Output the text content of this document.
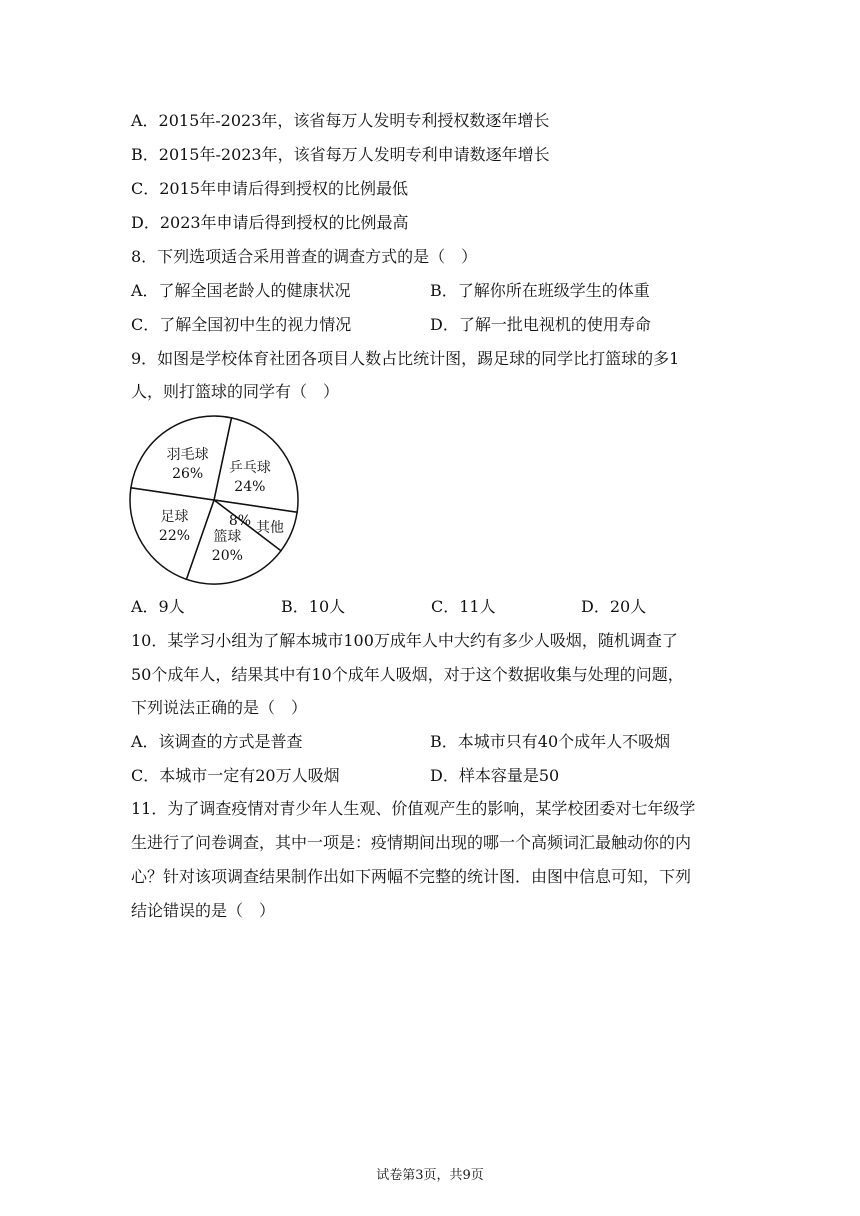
A．2015年-2023年，该省每万人发明专利授权数逐年增长
B．2015年-2023年，该省每万人发明专利申请数逐年增长
C．2015年申请后得到授权的比例最低
D．2023年申请后得到授权的比例最高
8．下列选项适合采用普查的调查方式的是（　）
A．了解全国老龄人的健康状况	B．了解你所在班级学生的体重
C．了解全国初中生的视力情况	D．了解一批电视机的使用寿命
9．如图是学校体育社团各项目人数占比统计图，踢足球的同学比打篮球的多1
人，则打篮球的同学有（　）
乒乓球
24%
8% 其他
篮球
20%
足球
22%
羽毛球
26%
A．9人	B．10人	C．11人	D．20人
10．某学习小组为了解本城市100万成年人中大约有多少人吸烟，随机调查了
50个成年人，结果其中有10个成年人吸烟，对于这个数据收集与处理的问题，
下列说法正确的是（　）
A．该调查的方式是普查	B．本城市只有40个成年人不吸烟
C．本城市一定有20万人吸烟	D．样本容量是50
11．为了调查疫情对青少年人生观、价值观产生的影响，某学校团委对七年级学
生进行了问卷调查，其中一项是：疫情期间出现的哪一个高频词汇最触动你的内
心？针对该项调查结果制作出如下两幅不完整的统计图．由图中信息可知，下列
结论错误的是（　）
试卷第3页，共9页
